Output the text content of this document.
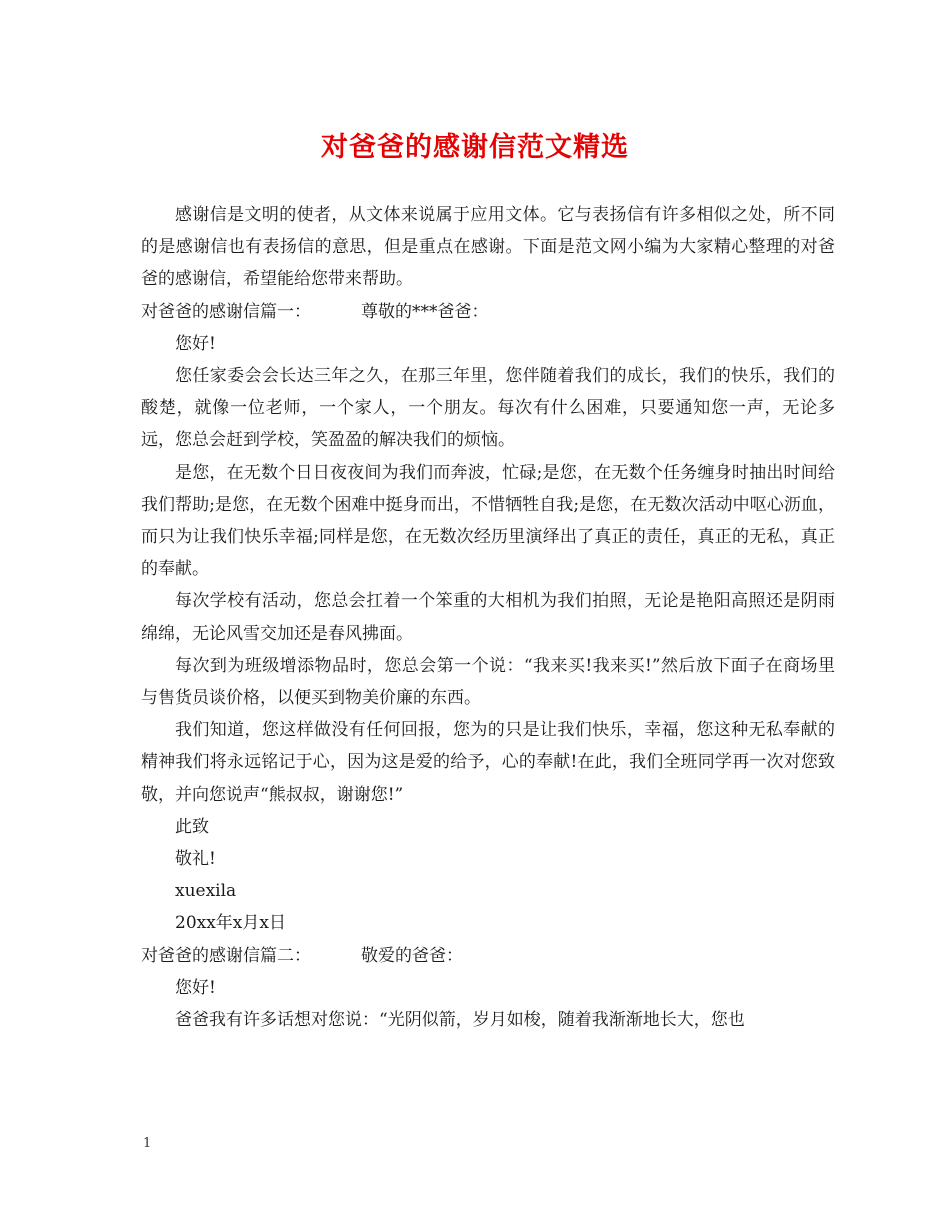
对爸爸的感谢信范文精选

感谢信是文明的使者，从文体来说属于应用文体。它与表扬信有许多相似之处，所不同的是感谢信也有表扬信的意思，但是重点在感谢。下面是范文网小编为大家精心整理的对爸爸的感谢信，希望能给您带来帮助。

对爸爸的感谢信篇一：	尊敬的***爸爸：

您好!

您任家委会会长达三年之久，在那三年里，您伴随着我们的成长，我们的快乐，我们的酸楚，就像一位老师，一个家人，一个朋友。每次有什么困难，只要通知您一声，无论多远，您总会赶到学校，笑盈盈的解决我们的烦恼。

是您，在无数个日日夜夜间为我们而奔波，忙碌;是您，在无数个任务缠身时抽出时间给我们帮助;是您，在无数个困难中挺身而出，不惜牺牲自我;是您，在无数次活动中呕心沥血，而只为让我们快乐幸福;同样是您，在无数次经历里演绎出了真正的责任，真正的无私，真正的奉献。

每次学校有活动，您总会扛着一个笨重的大相机为我们拍照，无论是艳阳高照还是阴雨绵绵，无论风雪交加还是春风拂面。

每次到为班级增添物品时，您总会第一个说：“我来买!我来买!”然后放下面子在商场里与售货员谈价格，以便买到物美价廉的东西。

我们知道，您这样做没有任何回报，您为的只是让我们快乐，幸福，您这种无私奉献的精神我们将永远铭记于心，因为这是爱的给予，心的奉献!在此，我们全班同学再一次对您致敬，并向您说声“熊叔叔，谢谢您!”

此致

敬礼!

xuexila

20xx年x月x日

对爸爸的感谢信篇二：	敬爱的爸爸：

您好!

爸爸我有许多话想对您说：“光阴似箭，岁月如梭，随着我渐渐地长大，您也

1
